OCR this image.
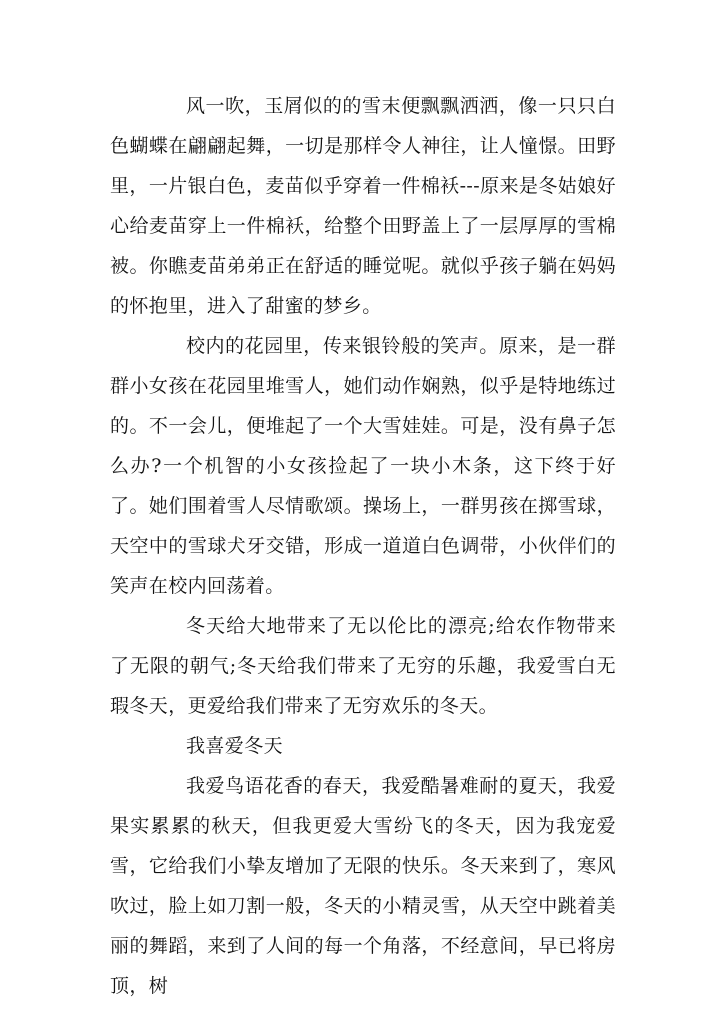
风一吹，玉屑似的的雪末便飘飘洒洒，像一只只白色蝴蝶在翩翩起舞，一切是那样令人神往，让人憧憬。田野里，一片银白色，麦苗似乎穿着一件棉袄---原来是冬姑娘好心给麦苗穿上一件棉袄，给整个田野盖上了一层厚厚的雪棉被。你瞧麦苗弟弟正在舒适的睡觉呢。就似乎孩子躺在妈妈的怀抱里，进入了甜蜜的梦乡。

校内的花园里，传来银铃般的笑声。原来，是一群群小女孩在花园里堆雪人，她们动作娴熟，似乎是特地练过的。不一会儿，便堆起了一个大雪娃娃。可是，没有鼻子怎么办?一个机智的小女孩捡起了一块小木条，这下终于好了。她们围着雪人尽情歌颂。操场上，一群男孩在掷雪球，天空中的雪球犬牙交错，形成一道道白色调带，小伙伴们的笑声在校内回荡着。

冬天给大地带来了无以伦比的漂亮;给农作物带来了无限的朝气;冬天给我们带来了无穷的乐趣，我爱雪白无瑕冬天，更爱给我们带来了无穷欢乐的冬天。

我喜爱冬天

我爱鸟语花香的春天，我爱酷暑难耐的夏天，我爱果实累累的秋天，但我更爱大雪纷飞的冬天，因为我宠爱雪，它给我们小挚友增加了无限的快乐。冬天来到了，寒风吹过，脸上如刀割一般，冬天的小精灵雪，从天空中跳着美丽的舞蹈，来到了人间的每一个角落，不经意间，早已将房顶，树
